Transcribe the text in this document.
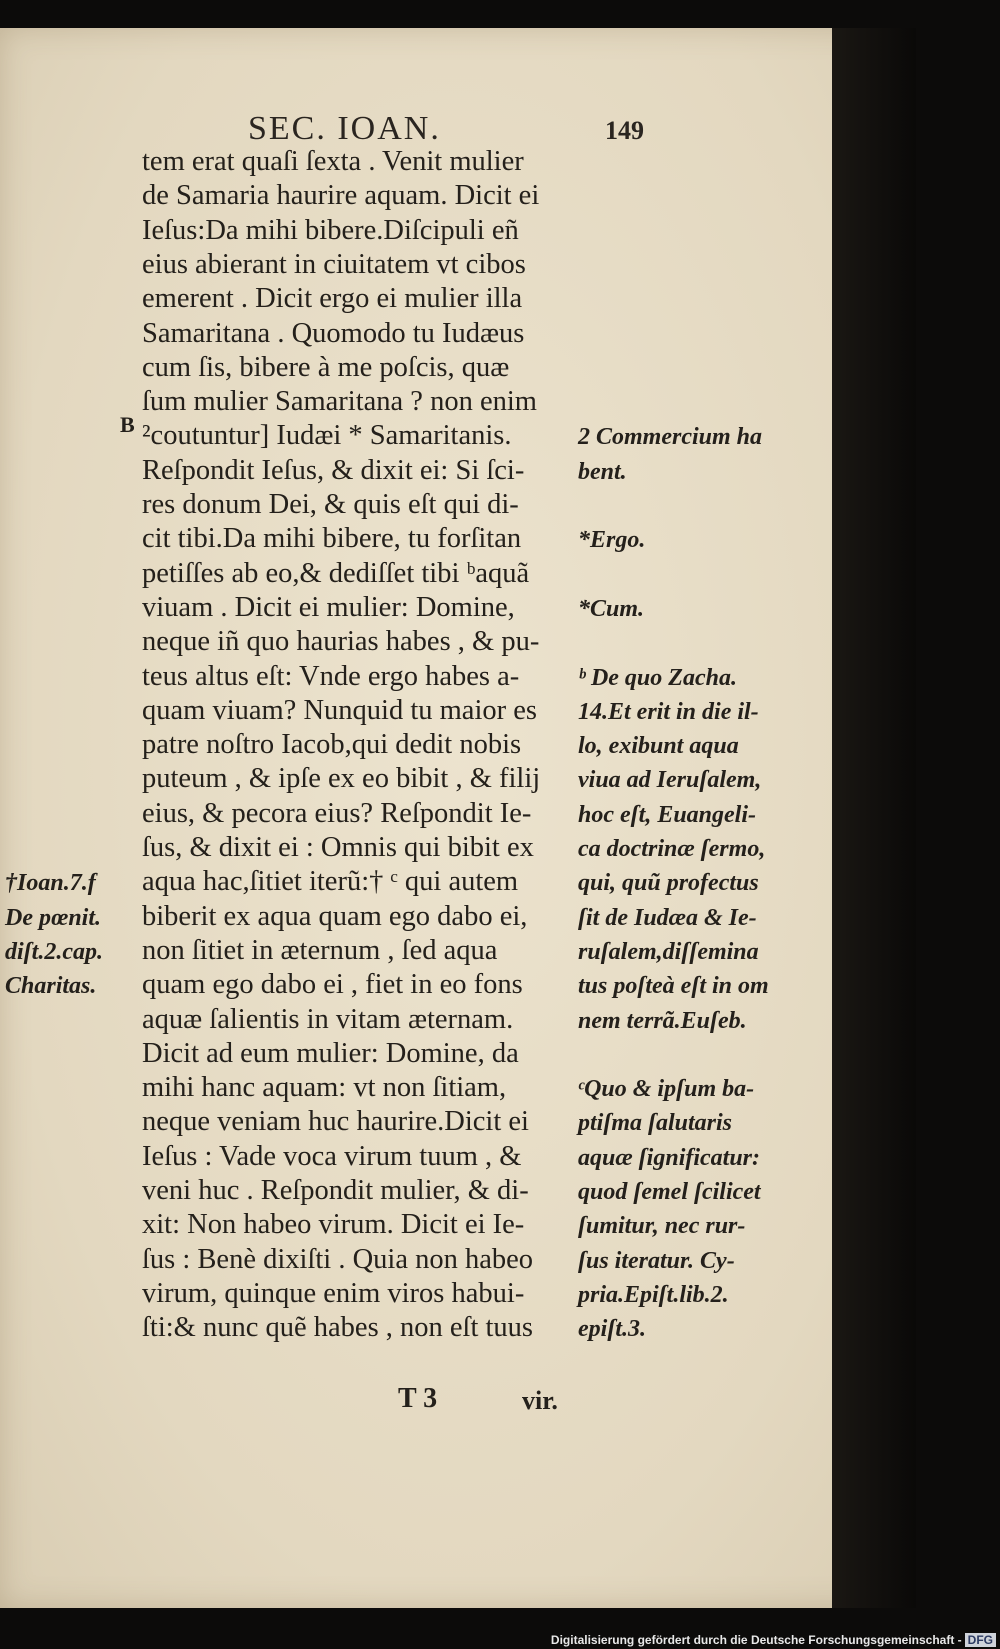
SEC. IOAN.	149
tem erat quaſi ſexta . Venit mulier
de Samaria haurire aquam. Dicit ei
Ieſus:Da mihi bibere.Diſcipuli eñ
eius abierant in ciuitatem vt cibos
emerent . Dicit ergo ei mulier illa
Samaritana . Quomodo tu Iudæus
cum ſis, bibere à me poſcis, quæ
ſum mulier Samaritana ? non enim
²coutuntur] Iudæi * Samaritanis.
Reſpondit Ieſus, & dixit ei: Si ſci-
res donum Dei, & quis eſt qui di-
cit tibi.Da mihi bibere, tu forſitan
petiſſes ab eo,& dediſſet tibi ᵇaquã
viuam . Dicit ei mulier: Domine,
neque iñ quo haurias habes , & pu-
teus altus eſt: Vnde ergo habes a-
quam viuam? Nunquid tu maior es
patre noſtro Iacob,qui dedit nobis
puteum , & ipſe ex eo bibit , & filij
eius, & pecora eius? Reſpondit Ie-
ſus, & dixit ei : Omnis qui bibit ex
aqua hac,ſitiet iterũ:† ᶜ qui autem
biberit ex aqua quam ego dabo ei,
non ſitiet in æternum , ſed aqua
quam ego dabo ei , fiet in eo fons
aquæ ſalientis in vitam æternam.
Dicit ad eum mulier: Domine, da
mihi hanc aquam: vt non ſitiam,
neque veniam huc haurire.Dicit ei
Ieſus : Vade voca virum tuum , &
veni huc . Reſpondit mulier, & di-
xit: Non habeo virum. Dicit ei Ie-
ſus : Benè dixiſti . Quia non habeo
virum, quinque enim viros habui-
ſti:& nunc quẽ habes , non eſt tuus
2 Commercium ha
bent.
*Ergo.
*Cum.
ᵇ De quo Zacha.
14.Et erit in die il-
lo, exibunt aqua
viua ad Ieruſalem,
hoc eſt, Euangeli-
ca doctrinæ ſermo,
qui, quũ profectus
ſit de Iudæa & Ie-
ruſalem,diſſemina
tus poſteà eſt in om
nem terrã.Euſeb.
ᶜQuo & ipſum ba-
ptiſma ſalutaris
aquæ ſignificatur:
quod ſemel ſcilicet
ſumitur, nec rur-
ſus iteratur. Cy-
pria.Epiſt.lib.2.
epiſt.3.
†Ioan.7.f
De pœnit.
diſt.2.cap.
Charitas.
B
T 3	vir.
Digitalisierung gefördert durch die Deutsche Forschungsgemeinschaft - DFG
